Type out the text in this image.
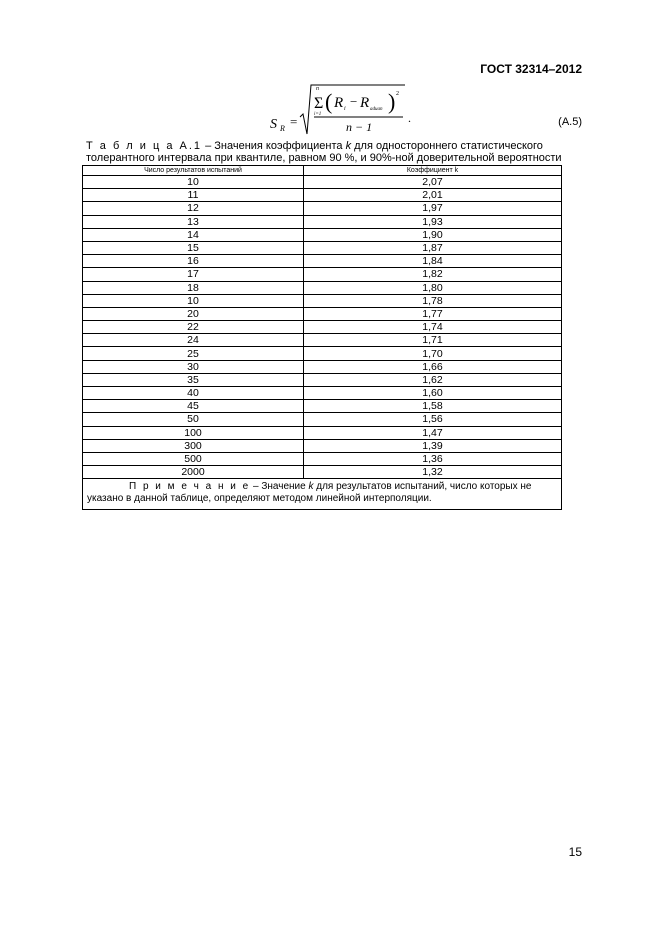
ГОСТ 32314–2012
S R =
n
Σ
i=1
( R i − R aduan ) 2
n − 1
.	(A.5)
Т а б л и ц а А.1 – Значения коэффициента k для одностороннего статистического толерантного интервала при квантиле, равном 90 %, и 90%-ной доверительной вероятности
Число результатов испытаний	Коэффициент k
10	2,07
11	2,01
12	1,97
13	1,93
14	1,90
15	1,87
16	1,84
17	1,82
18	1,80
10	1,78
20	1,77
22	1,74
24	1,71
25	1,70
30	1,66
35	1,62
40	1,60
45	1,58
50	1,56
100	1,47
300	1,39
500	1,36
2000	1,32
П р и м е ч а н и е – Значение k для результатов испытаний, число которых не указано в данной таблице, определяют методом линейной интерполяции.	
15
